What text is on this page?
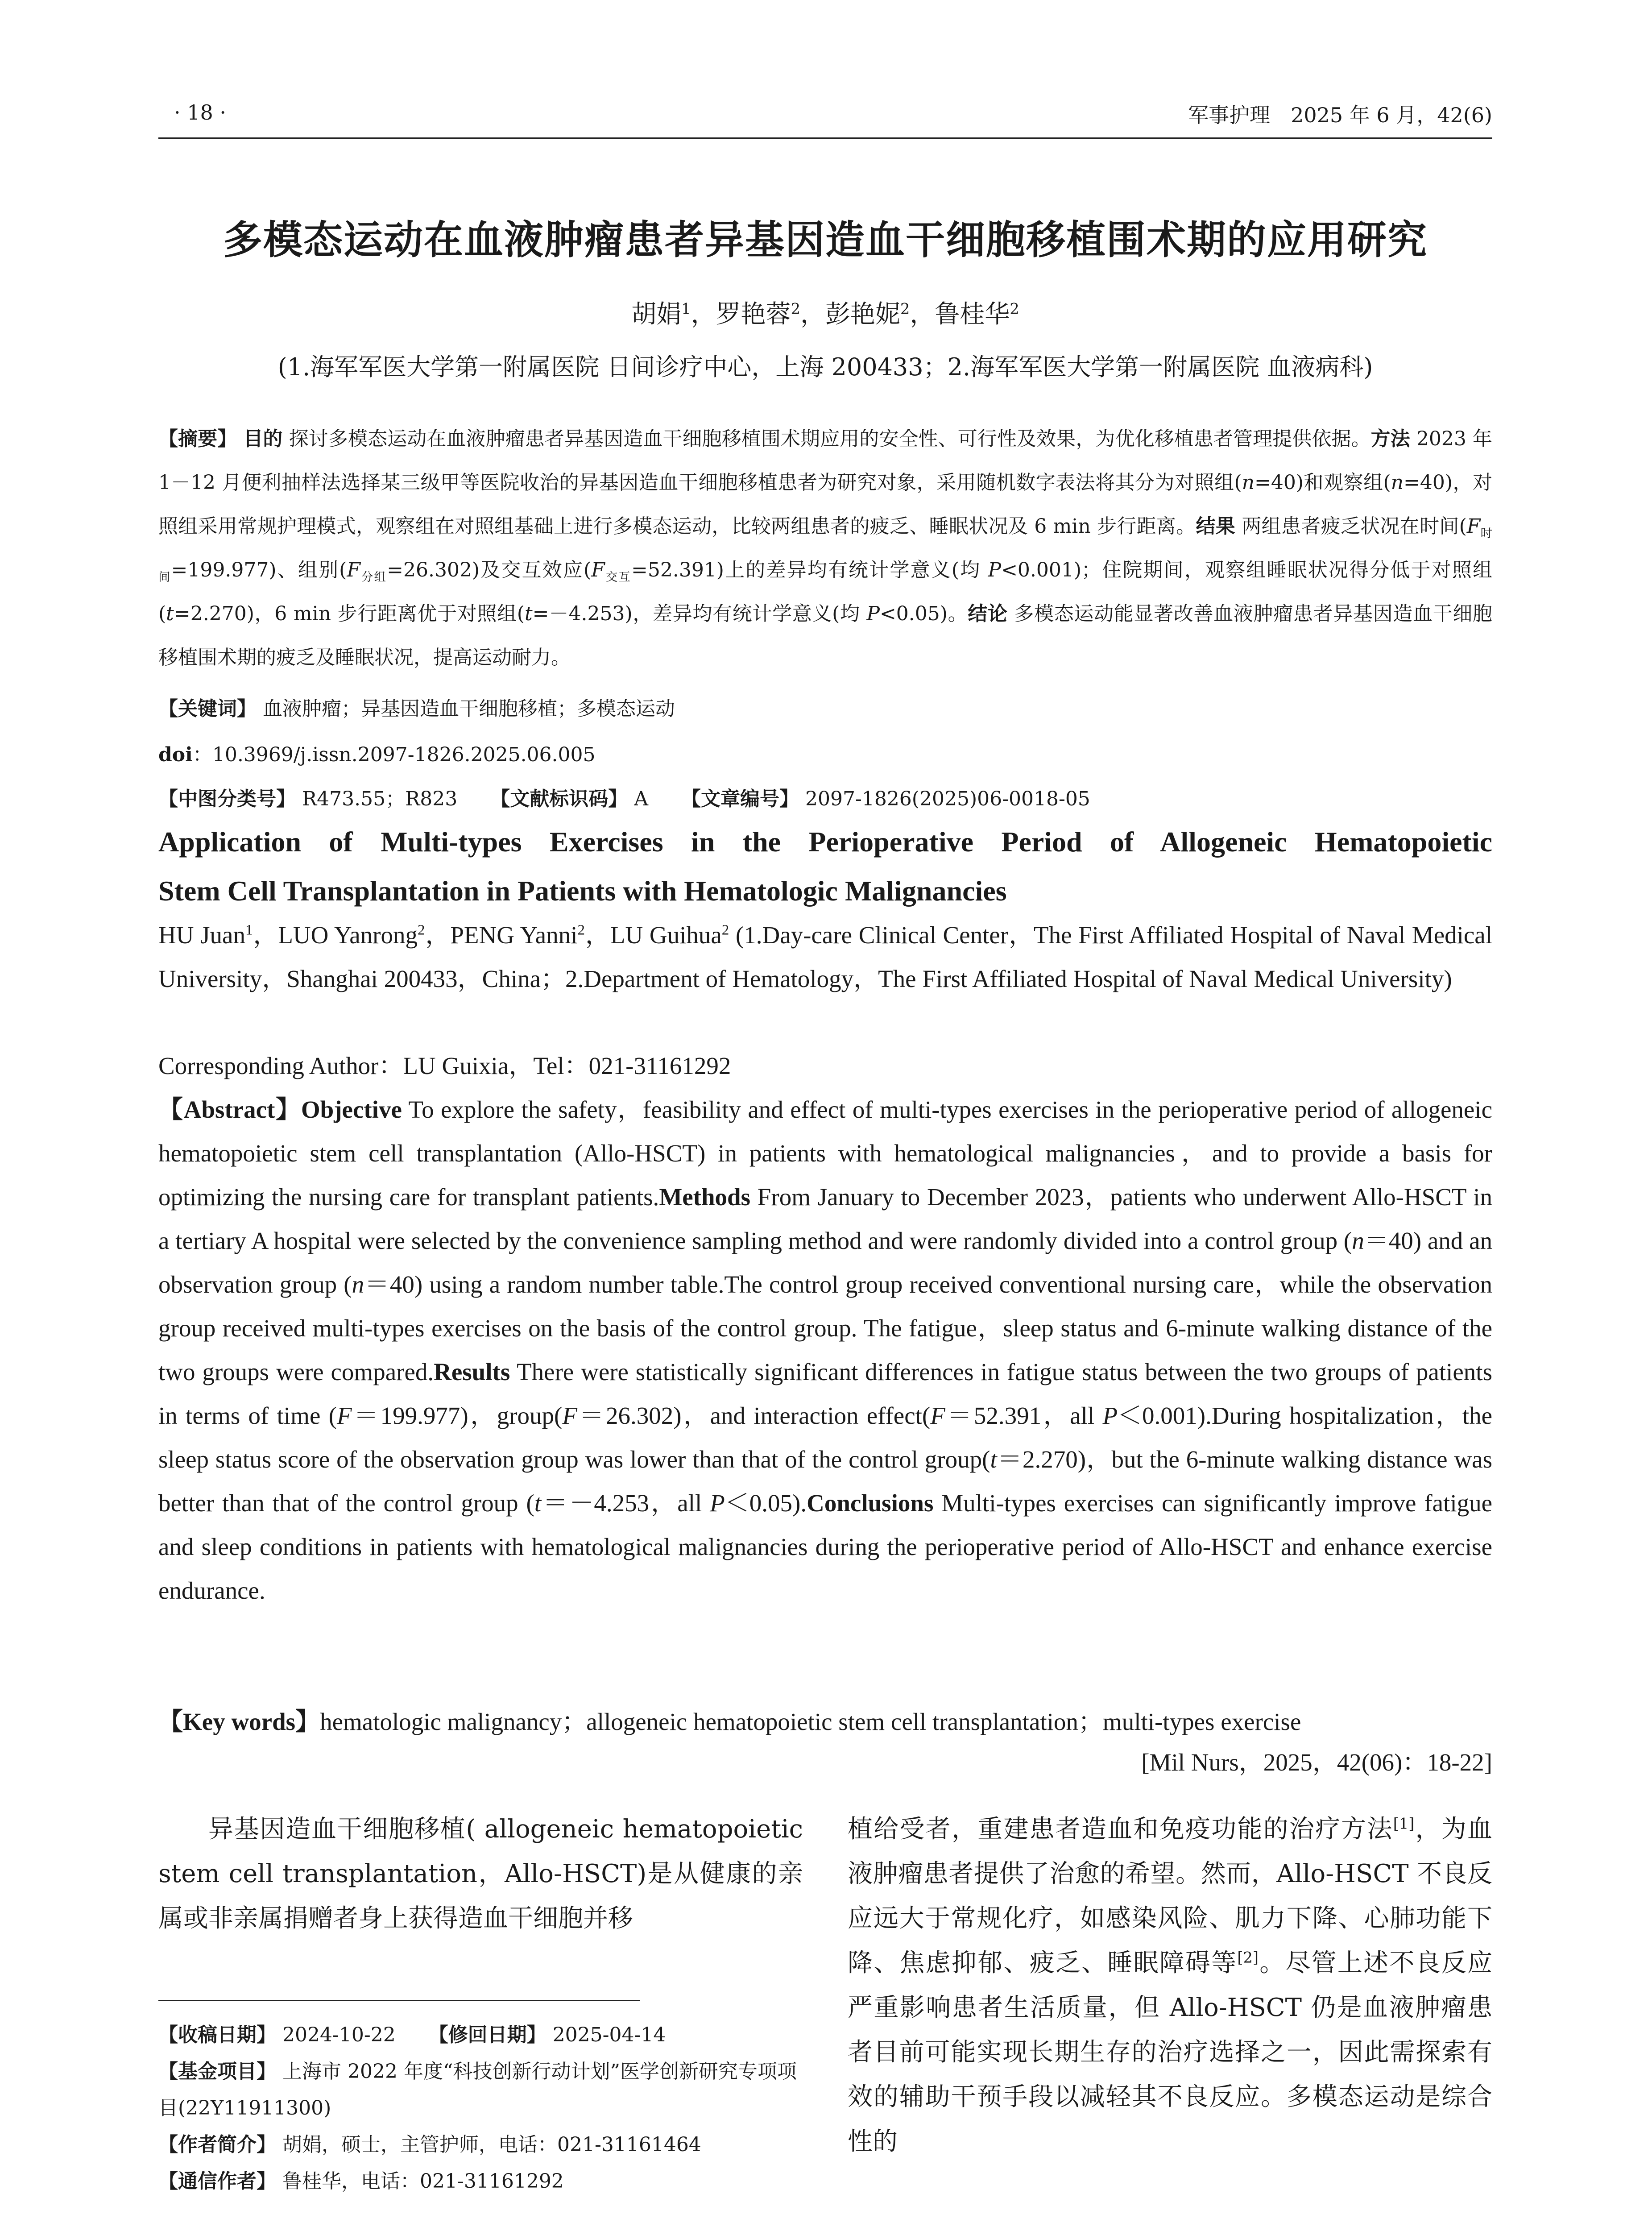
· 18 ·	军事护理　2025 年 6 月，42(6)
多模态运动在血液肿瘤患者异基因造血干细胞移植围术期的应用研究
胡娟$^1$，罗艳蓉$^2$，彭艳妮$^2$，鲁桂华$^2$
(1.海军军医大学第一附属医院 日间诊疗中心，上海 200433；2.海军军医大学第一附属医院 血液病科)
【摘要】 目的 探讨多模态运动在血液肿瘤患者异基因造血干细胞移植围术期应用的安全性、可行性及效果，为优化移植患者管理提供依据。方法 2023 年 1－12 月便利抽样法选择某三级甲等医院收治的异基因造血干细胞移植患者为研究对象，采用随机数字表法将其分为对照组(n=40)和观察组(n=40)，对照组采用常规护理模式，观察组在对照组基础上进行多模态运动，比较两组患者的疲乏、睡眠状况及 6 min 步行距离。结果 两组患者疲乏状况在时间$(F_{时间}=199.977)$、组别$(F_{分组}=26.302)$及交互效应$(F_{交互}=52.391)$上的差异均有统计学意义(均 P<0.001)；住院期间，观察组睡眠状况得分低于对照组(t=2.270)，6 min 步行距离优于对照组(t=－4.253)，差异均有统计学意义(均 P<0.05)。结论 多模态运动能显著改善血液肿瘤患者异基因造血干细胞移植围术期的疲乏及睡眠状况，提高运动耐力。
【关键词】 血液肿瘤；异基因造血干细胞移植；多模态运动
doi：10.3969/j.issn.2097-1826.2025.06.005
【中图分类号】 R473.55；R823 【文献标识码】 A 【文章编号】 2097-1826(2025)06-0018-05
Application of Multi-types Exercises in the Perioperative Period of Allogeneic Hematopoietic
Stem Cell Transplantation in Patients with Hematologic Malignancies
HU Juan$^1$，LUO Yanrong$^2$，PENG Yanni$^2$，LU Guihua$^2$ (1.Day-care Clinical Center，The First Affiliated Hospital of Naval Medical University，Shanghai 200433，China；2.Department of Hematology，The First Affiliated Hospital of Naval Medical University)
Corresponding Author：LU Guixia，Tel：021-31161292
【Abstract】Objective To explore the safety，feasibility and effect of multi-types exercises in the perioperative period of allogeneic hematopoietic stem cell transplantation (Allo-HSCT) in patients with hematological malignancies，and to provide a basis for optimizing the nursing care for transplant patients.Methods From January to December 2023，patients who underwent Allo-HSCT in a tertiary A hospital were selected by the convenience sampling method and were randomly divided into a control group (n＝40) and an observation group (n＝40) using a random number table.The control group received conventional nursing care，while the observation group received multi-types exercises on the basis of the control group. The fatigue，sleep status and 6-minute walking distance of the two groups were compared.Results There were statistically significant differences in fatigue status between the two groups of patients in terms of time (F＝199.977)，group(F＝26.302)，and interaction effect(F＝52.391，all P＜0.001).During hospitalization，the sleep status score of the observation group was lower than that of the control group(t＝2.270)，but the 6-minute walking distance was better than that of the control group (t＝－4.253，all P＜0.05).Conclusions Multi-types exercises can significantly improve fatigue and sleep conditions in patients with hematological malignancies during the perioperative period of Allo-HSCT and enhance exercise endurance.
【Key words】hematologic malignancy；allogeneic hematopoietic stem cell transplantation；multi-types exercise
[Mil Nurs，2025，42(06)：18-22]
异基因造血干细胞移植( allogeneic hematopoietic stem cell transplantation，Allo-HSCT)是从健康的亲属或非亲属捐赠者身上获得造血干细胞并移
植给受者，重建患者造血和免疫功能的治疗方法[1]，为血液肿瘤患者提供了治愈的希望。然而，Allo-HSCT 不良反应远大于常规化疗，如感染风险、肌力下降、心肺功能下降、焦虑抑郁、疲乏、睡眠障碍等[2]。尽管上述不良反应严重影响患者生活质量，但 Allo-HSCT 仍是血液肿瘤患者目前可能实现长期生存的治疗选择之一，因此需探索有效的辅助干预手段以减轻其不良反应。多模态运动是综合性的
【收稿日期】 2024-10-22 【修回日期】 2025-04-14
【基金项目】 上海市 2022 年度“科技创新行动计划”医学创新研究专项项目(22Y11911300)
【作者简介】 胡娟，硕士，主管护师，电话：021-31161464
【通信作者】 鲁桂华，电话：021-31161292
